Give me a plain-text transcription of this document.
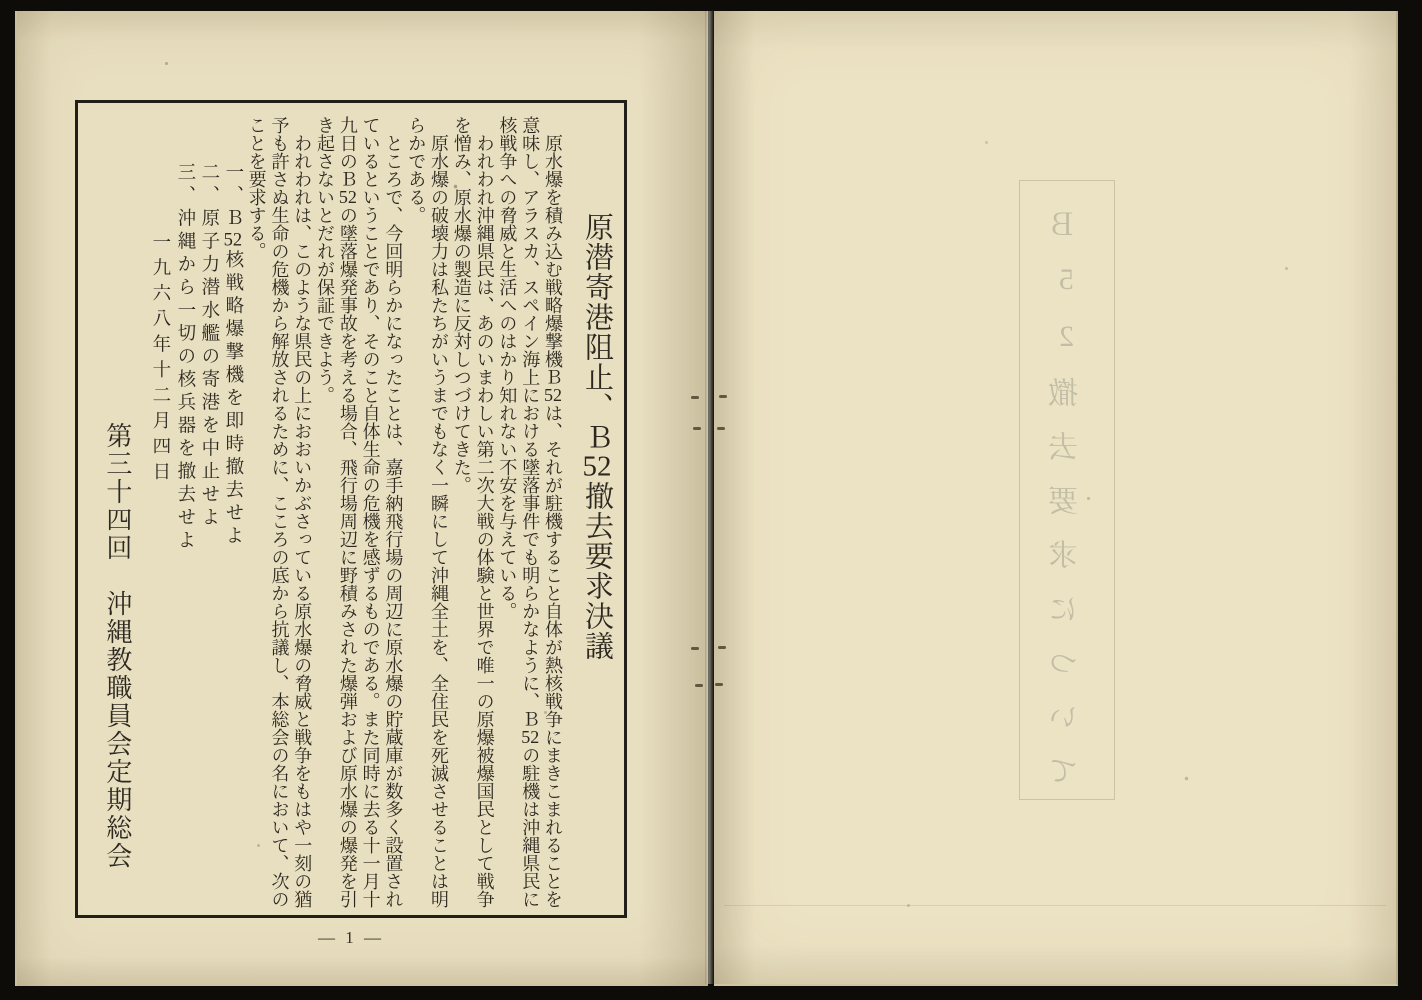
原潜寄港阻止、Ｂ52撤去要求決議
原水爆を積み込む戦略爆撃機Ｂ52は、それが駐機すること自体が熱核戦争にまきこまれることを
意味し、アラスカ、スペイン海上における墜落事件でも明らかなように、Ｂ52の駐機は沖縄県民に
核戦争への脅威と生活へのはかり知れない不安を与えている。
われわれ沖縄県民は、あのいまわしい第二次大戦の体験と世界で唯一の原爆被爆国民として戦争
を憎み、原水爆の製造に反対しつづけてきた。
原水爆の破壊力は私たちがいうまでもなく一瞬にして沖縄全土を、全住民を死滅させることは明
らかである。
ところで、今回明らかになったことは、嘉手納飛行場の周辺に原水爆の貯蔵庫が数多く設置され
ているということであり、そのこと自体生命の危機を感ずるものである。また同時に去る十一月十
九日のＢ52の墜落爆発事故を考える場合、飛行場周辺に野積みされた爆弾および原水爆の爆発を引
き起さないとだれが保証できよう。
われわれは、このような県民の上におおいかぶさっている原水爆の脅威と戦争をもはや一刻の猶
予も許さぬ生命の危機から解放されるために、こころの底から抗議し、本総会の名において、次の
ことを要求する。
一、Ｂ52核戦略爆撃機を即時撤去せよ
二、原子力潜水艦の寄港を中止せよ
三、沖縄から一切の核兵器を撤去せよ
一九六八年十二月四日
第三十四回　沖縄教職員会定期総会
— 1 —
Ｂ52撤去要求について
